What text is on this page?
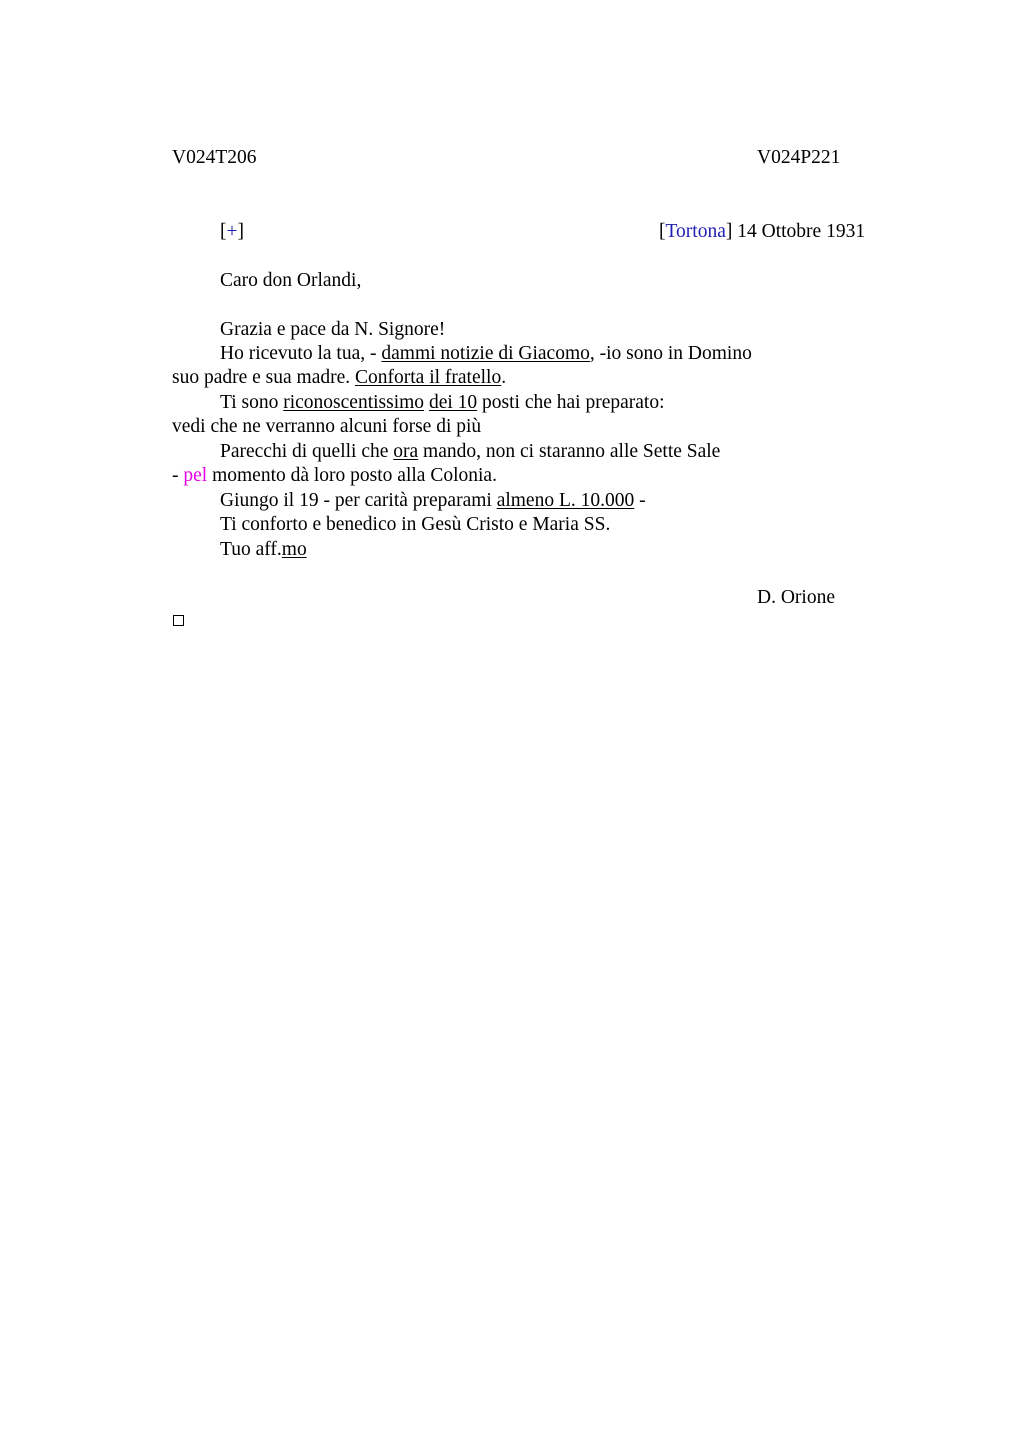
V024T206	V024P221
[+]	[Tortona] 14 Ottobre 1931
Caro don Orlandi,
Grazia e pace da N. Signore!
Ho ricevuto la tua, - dammi notizie di Giacomo, -io sono in Domino
suo padre e sua madre. Conforta il fratello.
Ti sono riconoscentissimo dei 10 posti che hai preparato:
vedi che ne verranno alcuni forse di più
Parecchi di quelli che ora mando, non ci staranno alle Sette Sale
- pel momento dà loro posto alla Colonia.
Giungo il 19 - per carità preparami almeno L. 10.000 -
Ti conforto e benedico in Gesù Cristo e Maria SS.
Tuo aff.mo
D. Orione
